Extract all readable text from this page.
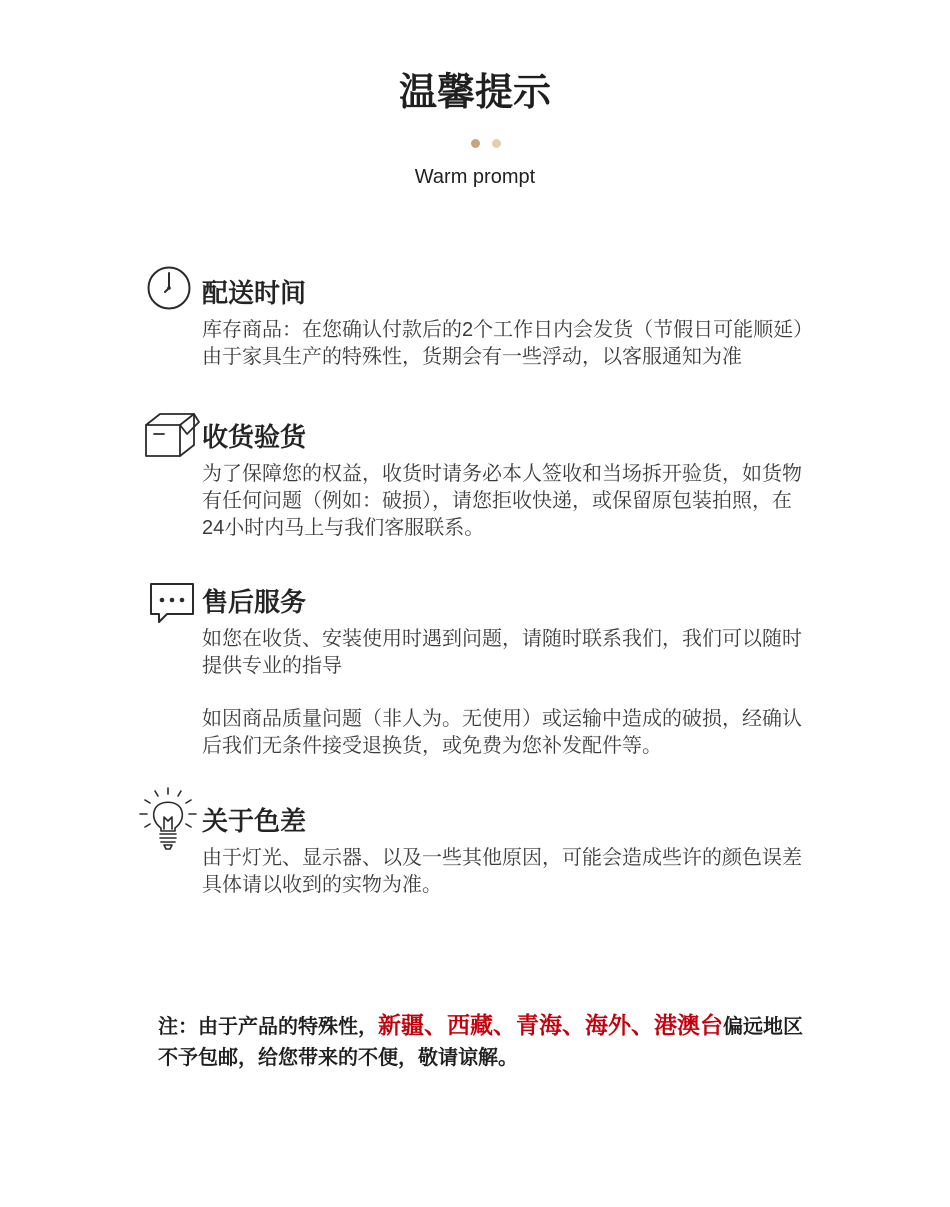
温馨提示
Warm prompt
配送时间
库存商品：在您确认付款后的2个工作日内会发货（节假日可能顺延）
由于家具生产的特殊性，货期会有一些浮动，以客服通知为准
收货验货
为了保障您的权益，收货时请务必本人签收和当场拆开验货，如货物
有任何问题（例如：破损），请您拒收快递，或保留原包装拍照，在
24小时内马上与我们客服联系。
售后服务
如您在收货、安装使用时遇到问题，请随时联系我们，我们可以随时
提供专业的指导
如因商品质量问题（非人为。无使用）或运输中造成的破损，经确认
后我们无条件接受退换货，或免费为您补发配件等。
关于色差
由于灯光、显示器、以及一些其他原因，可能会造成些许的颜色误差
具体请以收到的实物为准。
注：由于产品的特殊性，新疆、西藏、青海、海外、港澳台偏远地区
不予包邮，给您带来的不便，敬请谅解。
